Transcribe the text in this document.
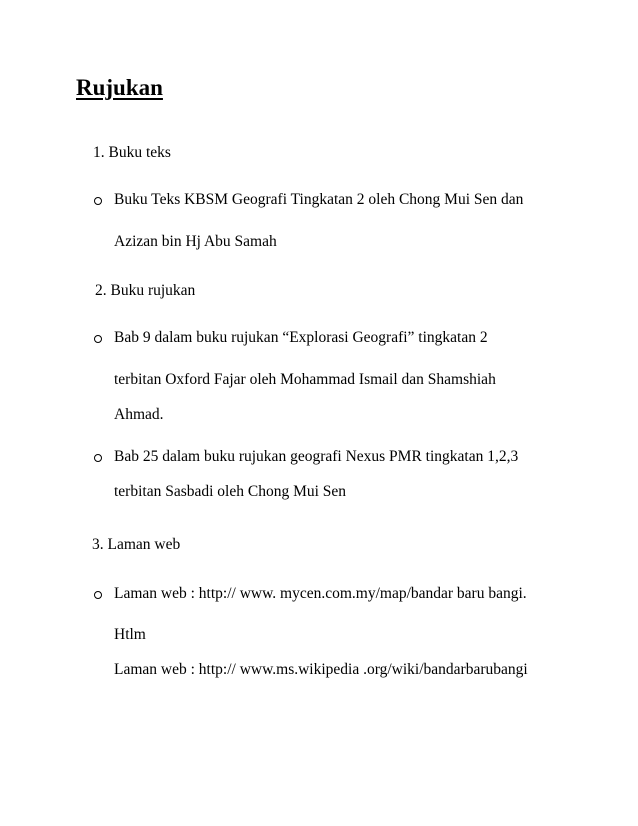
Rujukan
1. Buku teks
Buku Teks KBSM Geografi Tingkatan 2 oleh Chong Mui Sen dan
Azizan bin Hj Abu Samah
2. Buku rujukan
Bab 9 dalam buku rujukan “Explorasi Geografi” tingkatan 2
terbitan Oxford Fajar oleh Mohammad Ismail dan Shamshiah
Ahmad.
Bab 25 dalam buku rujukan geografi Nexus PMR tingkatan 1,2,3
terbitan Sasbadi oleh Chong Mui Sen
3. Laman web
Laman web : http:// www. mycen.com.my/map/bandar baru bangi.
Htlm
Laman web : http:// www.ms.wikipedia .org/wiki/bandarbarubangi
